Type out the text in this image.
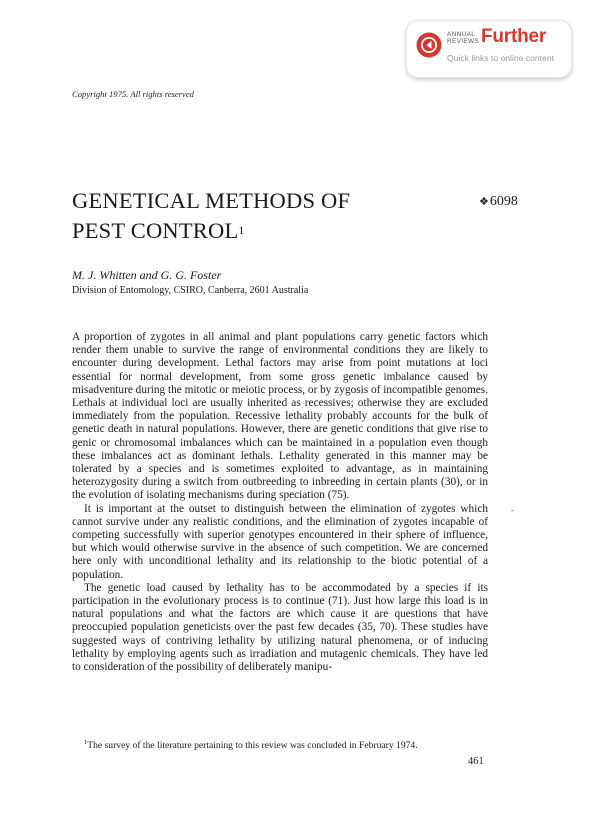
ANNUAL
REVIEWS Further
Quick links to online content
Copyright 1975. All rights reserved
GENETICAL METHODS OF
PEST CONTROL$^1$
❖6098
M. J. Whitten and G. G. Foster
Division of Entomology, CSIRO, Canberra, 2601 Australia

A proportion of zygotes in all animal and plant populations carry genetic factors which render them unable to survive the range of environmental conditions they are likely to encounter during development. Lethal factors may arise from point mutations at loci essential for normal development, from some gross genetic imbalance caused by misadventure during the mitotic or meiotic process, or by zygosis of incompatible genomes. Lethals at individual loci are usually inherited as recessives; otherwise they are excluded immediately from the population. Recessive lethality probably accounts for the bulk of genetic death in natural populations. However, there are genetic conditions that give rise to genic or chromosomal imbalances which can be maintained in a population even though these imbalances act as dominant lethals. Lethality generated in this manner may be tolerated by a species and is sometimes exploited to advantage, as in maintaining heterozygosity during a switch from outbreeding to inbreeding in certain plants (30), or in the evolution of isolating mechanisms during speciation (75).

It is important at the outset to distinguish between the elimination of zygotes which cannot survive under any realistic conditions, and the elimination of zygotes incapable of competing successfully with superior genotypes encountered in their sphere of influence, but which would otherwise survive in the absence of such competition. We are concerned here only with unconditional lethality and its relationship to the biotic potential of a population.

The genetic load caused by lethality has to be accommodated by a species if its participation in the evolutionary process is to continue (71). Just how large this load is in natural populations and what the factors are which cause it are questions that have preoccupied population geneticists over the past few decades (35, 70). These studies have suggested ways of contriving lethality by utilizing natural phenomena, or of inducing lethality by employing agents such as irradiation and mutagenic chemicals. They have led to consideration of the possibility of deliberately manipu-

-
$^1$The survey of the literature pertaining to this review was concluded in February 1974.
461
